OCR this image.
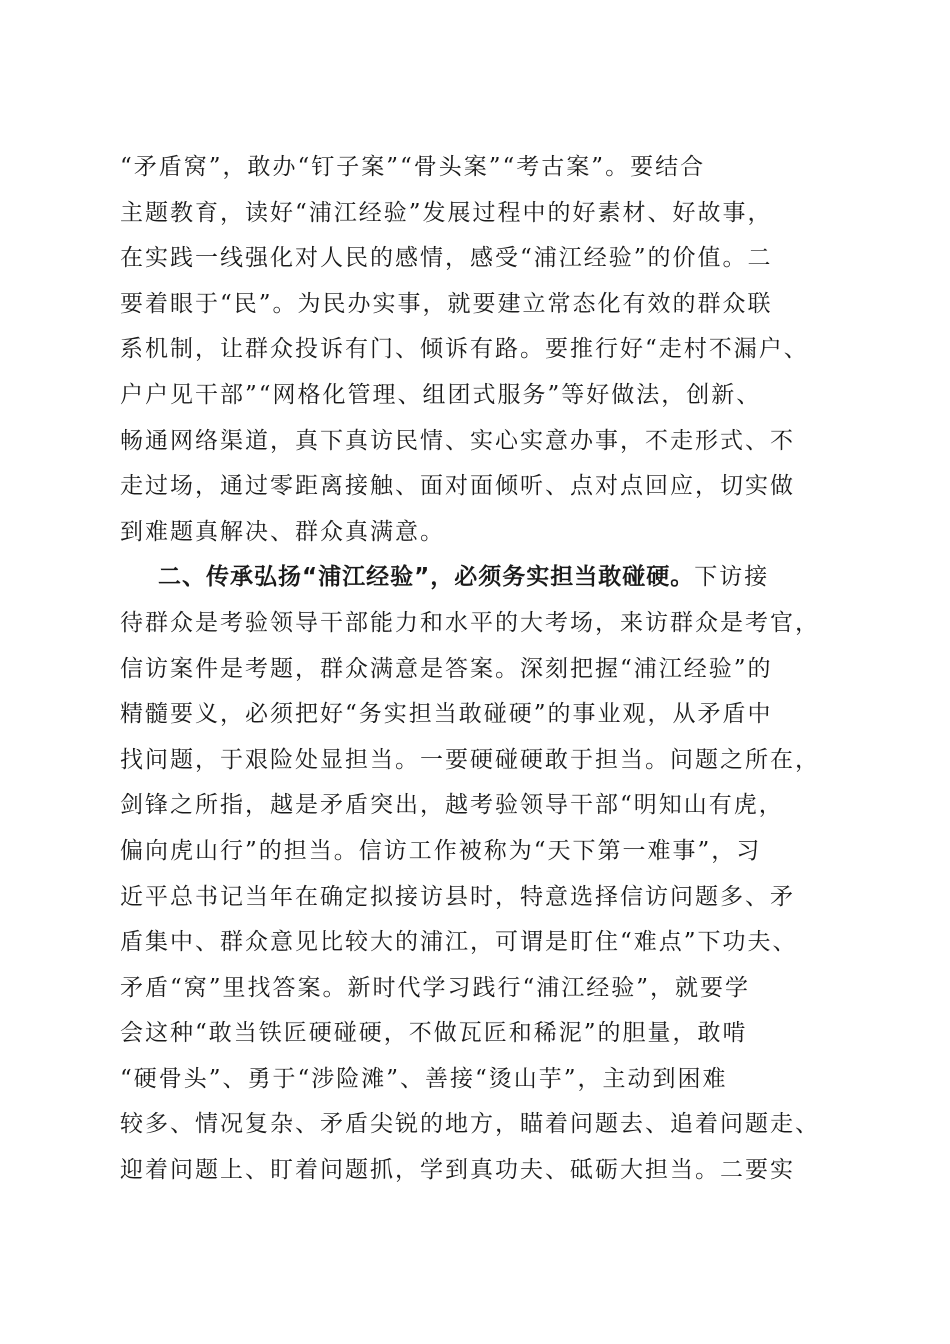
“矛盾窝”，敢办“钉子案”“骨头案”“考古案”。要结合
主题教育，读好“浦江经验”发展过程中的好素材、好故事，
在实践一线强化对人民的感情，感受“浦江经验”的价值。二
要着眼于“民”。为民办实事，就要建立常态化有效的群众联
系机制，让群众投诉有门、倾诉有路。要推行好“走村不漏户、
户户见干部”“网格化管理、组团式服务”等好做法，创新、
畅通网络渠道，真下真访民情、实心实意办事，不走形式、不
走过场，通过零距离接触、面对面倾听、点对点回应，切实做
到难题真解决、群众真满意。
二、传承弘扬“浦江经验”，必须务实担当敢碰硬。下访接
待群众是考验领导干部能力和水平的大考场，来访群众是考官，
信访案件是考题，群众满意是答案。深刻把握“浦江经验”的
精髓要义，必须把好“务实担当敢碰硬”的事业观，从矛盾中
找问题，于艰险处显担当。一要硬碰硬敢于担当。问题之所在，
剑锋之所指，越是矛盾突出，越考验领导干部“明知山有虎，
偏向虎山行”的担当。信访工作被称为“天下第一难事”，习
近平总书记当年在确定拟接访县时，特意选择信访问题多、矛
盾集中、群众意见比较大的浦江，可谓是盯住“难点”下功夫、
矛盾“窝”里找答案。新时代学习践行“浦江经验”，就要学
会这种“敢当铁匠硬碰硬，不做瓦匠和稀泥”的胆量，敢啃
“硬骨头”、勇于“涉险滩”、善接“烫山芋”，主动到困难
较多、情况复杂、矛盾尖锐的地方，瞄着问题去、追着问题走、
迎着问题上、盯着问题抓，学到真功夫、砥砺大担当。二要实
